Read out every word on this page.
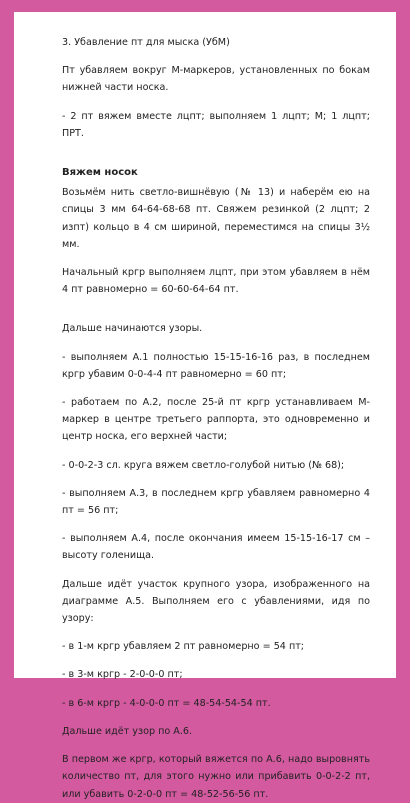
3. Убавление пт для мыска (УбМ)

Пт убавляем вокруг М-маркеров, установленных по бокам нижней части носка.

- 2 пт вяжем вместе лцпт; выполняем 1 лцпт; М; 1 лцпт; ПРТ.

Вяжем носок

Возьмём нить светло-вишнёвую (№ 13) и наберём ею на спицы 3 мм 64-64-68-68 пт. Свяжем резинкой (2 лцпт; 2 изпт) кольцо в 4 см шириной, переместимся на спицы 3½ мм.

Начальный кргр выполняем лцпт, при этом убавляем в нём 4 пт равномерно = 60-60-64-64 пт.

Дальше начинаются узоры.

- выполняем А.1 полностью 15-15-16-16 раз, в последнем кргр убавим 0-0-4-4 пт равномерно = 60 пт;

- работаем по А.2, после 25-й пт кргр устанавливаем М-маркер в центре третьего раппорта, это одновременно и центр носка, его верхней части;

- 0-0-2-3 сл. круга вяжем светло-голубой нитью (№ 68);

- выполняем А.3, в последнем кргр убавляем равномерно 4 пт = 56 пт;

- выполняем А.4, после окончания имеем 15-15-16-17 см – высоту голенища.

Дальше идёт участок крупного узора, изображенного на диаграмме А.5. Выполняем его с убавлениями, идя по узору:

- в 1-м кргр убавляем 2 пт равномерно = 54 пт;

- в 3-м кргр - 2-0-0-0 пт;

- в 6-м кргр - 4-0-0-0 пт = 48-54-54-54 пт.

Дальше идёт узор по А.6.

В первом же кргр, который вяжется по А.6, надо выровнять количество пт, для этого нужно или прибавить 0-0-2-2 пт, или убавить 0-2-0-0 пт = 48-52-56-56 пт.
